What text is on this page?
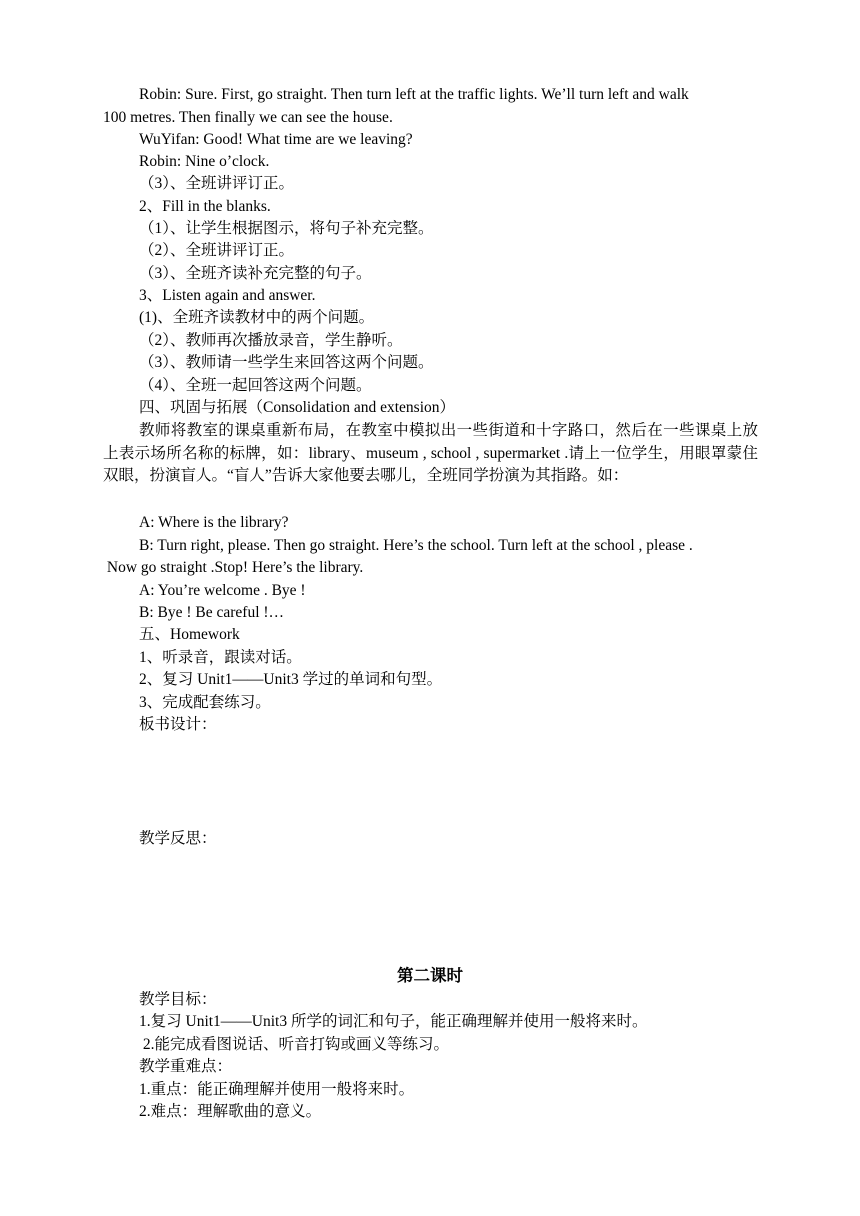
Robin: Sure. First, go straight. Then turn left at the traffic lights. We’ll turn left and walk
100 metres. Then finally we can see the house.
WuYifan: Good! What time are we leaving?
Robin: Nine o’clock.
（3）、全班讲评订正。
2、Fill in the blanks.
（1）、让学生根据图示，将句子补充完整。
（2）、全班讲评订正。
（3）、全班齐读补充完整的句子。
3、Listen again and answer.
(1)、全班齐读教材中的两个问题。
（2）、教师再次播放录音，学生静听。
（3）、教师请一些学生来回答这两个问题。
（4）、全班一起回答这两个问题。
四、巩固与拓展（Consolidation and extension）
教师将教室的课桌重新布局，在教室中模拟出一些街道和十字路口，然后在一些课桌上放上表示场所名称的标牌，如：library、museum , school , supermarket .请上一位学生，用眼罩蒙住双眼，扮演盲人。“盲人”告诉大家他要去哪儿，全班同学扮演为其指路。如：
A: Where is the library?
B: Turn right, please. Then go straight. Here’s the school. Turn left at the school , please .
Now go straight .Stop! Here’s the library.
A: You’re welcome . Bye !
B: Bye ! Be careful !…
五、Homework
1、听录音，跟读对话。
2、复习 Unit1——Unit3 学过的单词和句型。
3、完成配套练习。
板书设计：
教学反思：
第二课时
教学目标：
1.复习 Unit1——Unit3 所学的词汇和句子，能正确理解并使用一般将来时。
2.能完成看图说话、听音打钩或画义等练习。
教学重难点：
1.重点：能正确理解并使用一般将来时。
2.难点：理解歌曲的意义。
